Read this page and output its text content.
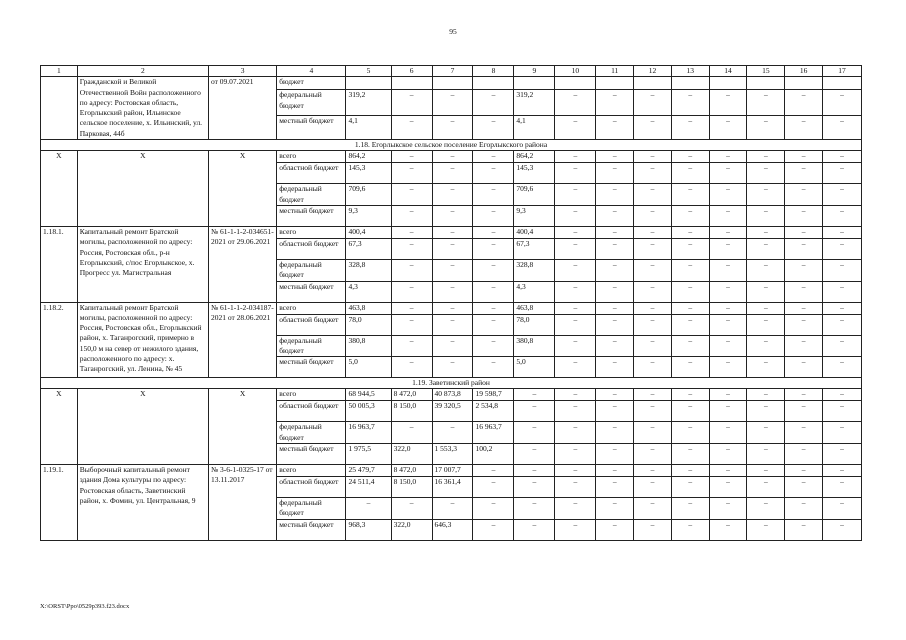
95
1	2	3	4	5	6	7	8	9	10	11	12	13	14	15	16	17
	Гражданской и Великой Отечественной Войн расположенного по адресу: Ростовская область, Егорлыкский район, Ильинское сельское поселение, х. Ильинский, ул. Парковая, 44б	от 09.07.2021	бюджет													
			федеральный бюджет	319,2	–	–	–	319,2	–	–	–	–	–	–	–	–
			местный бюджет	4,1	–	–	–	4,1	–	–	–	–	–	–	–	–
1.18. Егорлыкское сельское поселение Егорлыкского района																
Х	Х	Х	всего	864,2	–	–	–	864,2	–	–	–	–	–	–	–	–
			областной бюджет	145,3	–	–	–	145,3	–	–	–	–	–	–	–	–
			федеральный бюджет	709,6	–	–	–	709,6	–	–	–	–	–	–	–	–
			местный бюджет	9,3	–	–	–	9,3	–	–	–	–	–	–	–	–
1.18.1.	Капитальный ремонт Братской могилы, расположенной по адресу: Россия, Ростовская обл., р-н Егорлыкский, с/пос Егорлыкское, х. Прогресс ул. Магистральная	№ 61-1-1-2-034651-2021 от 29.06.2021	всего	400,4	–	–	–	400,4	–	–	–	–	–	–	–	–
			областной бюджет	67,3	–	–	–	67,3	–	–	–	–	–	–	–	–
			федеральный бюджет	328,8	–	–	–	328,8	–	–	–	–	–	–	–	–
			местный бюджет	4,3	–	–	–	4,3	–	–	–	–	–	–	–	–
1.18.2.	Капитальный ремонт Братской могилы, расположенной по адресу: Россия, Ростовская обл., Егорлыкский район, х. Таганрогский, примерно в 150,0 м на север от нежилого здания, расположенного по адресу: х. Таганрогский, ул. Ленина, № 45	№ 61-1-1-2-034187-2021 от 28.06.2021	всего	463,8	–	–	–	463,8	–	–	–	–	–	–	–	–
			областной бюджет	78,0	–	–	–	78,0	–	–	–	–	–	–	–	–
			федеральный бюджет	380,8	–	–	–	380,8	–	–	–	–	–	–	–	–
			местный бюджет	5,0	–	–	–	5,0	–	–	–	–	–	–	–	–
1.19. Заветинский район																
Х	Х	Х	всего	68 944,5	8 472,0	40 873,8	19 598,7	–	–	–	–	–	–	–	–	–
			областной бюджет	50 005,3	8 150,0	39 320,5	2 534,8	–	–	–	–	–	–	–	–	–
			федеральный бюджет	16 963,7	–	–	16 963,7	–	–	–	–	–	–	–	–	–
			местный бюджет	1 975,5	322,0	1 553,3	100,2	–	–	–	–	–	–	–	–	–
1.19.1.	Выборочный капитальный ремонт здания Дома культуры по адресу: Ростовская область, Заветинский район, х. Фомин, ул. Центральная, 9	№ 3-6-1-0325-17 от 13.11.2017	всего	25 479,7	8 472,0	17 007,7	–	–	–	–	–	–	–	–	–	–
			областной бюджет	24 511,4	8 150,0	16 361,4	–	–	–	–	–	–	–	–	–	–
			федеральный бюджет	–	–	–	–	–	–	–	–	–	–	–	–	–
			местный бюджет	968,3	322,0	646,3	–	–	–	–	–	–	–	–	–	–
X:\ORST\Ppo\0529p393.f23.docx
